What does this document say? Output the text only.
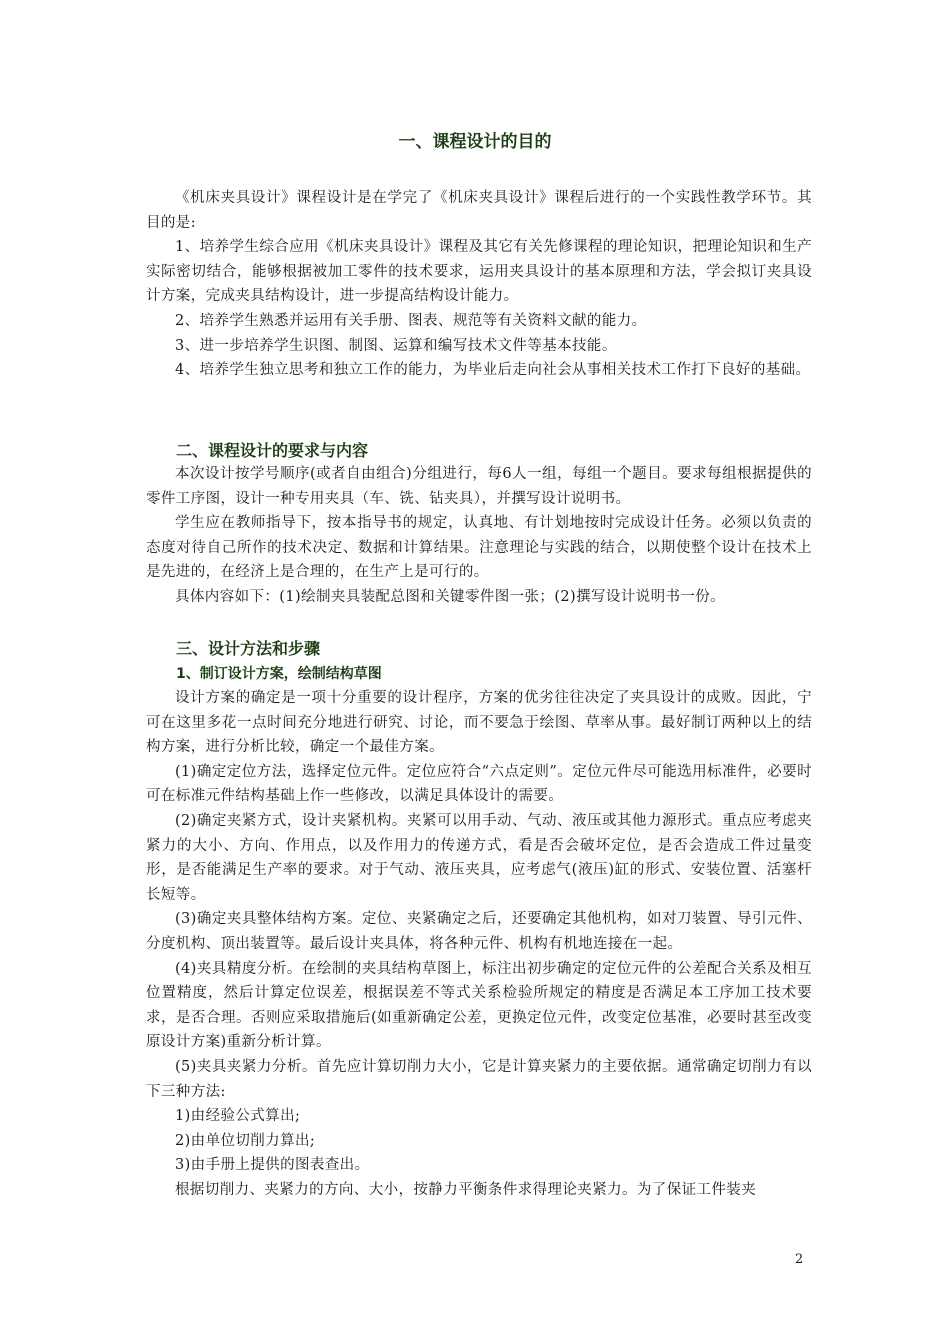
一、课程设计的目的

《机床夹具设计》课程设计是在学完了《机床夹具设计》课程后进行的一个实践性教学环节。其目的是:

1、培养学生综合应用《机床夹具设计》课程及其它有关先修课程的理论知识，把理论知识和生产实际密切结合，能够根据被加工零件的技术要求，运用夹具设计的基本原理和方法，学会拟订夹具设计方案，完成夹具结构设计，进一步提高结构设计能力。

2、培养学生熟悉并运用有关手册、图表、规范等有关资料文献的能力。

3、进一步培养学生识图、制图、运算和编写技术文件等基本技能。

4、培养学生独立思考和独立工作的能力，为毕业后走向社会从事相关技术工作打下良好的基础。

二、课程设计的要求与内容

本次设计按学号顺序(或者自由组合)分组进行，每6人一组，每组一个题目。要求每组根据提供的零件工序图，设计一种专用夹具（车、铣、钻夹具），并撰写设计说明书。

学生应在教师指导下，按本指导书的规定，认真地、有计划地按时完成设计任务。必须以负责的态度对待自己所作的技术决定、数据和计算结果。注意理论与实践的结合，以期使整个设计在技术上是先进的，在经济上是合理的，在生产上是可行的。

具体内容如下：(1)绘制夹具装配总图和关键零件图一张；(2)撰写设计说明书一份。

三、设计方法和步骤
1、制订设计方案，绘制结构草图

设计方案的确定是一项十分重要的设计程序，方案的优劣往往决定了夹具设计的成败。因此，宁可在这里多花一点时间充分地进行研究、讨论，而不要急于绘图、草率从事。最好制订两种以上的结构方案，进行分析比较，确定一个最佳方案。

(1)确定定位方法，选择定位元件。定位应符合“六点定则”。定位元件尽可能选用标准件，必要时可在标准元件结构基础上作一些修改，以满足具体设计的需要。

(2)确定夹紧方式，设计夹紧机构。夹紧可以用手动、气动、液压或其他力源形式。重点应考虑夹紧力的大小、方向、作用点，以及作用力的传递方式，看是否会破坏定位，是否会造成工件过量变形，是否能满足生产率的要求。对于气动、液压夹具，应考虑气(液压)缸的形式、安装位置、活塞杆长短等。

(3)确定夹具整体结构方案。定位、夹紧确定之后，还要确定其他机构，如对刀装置、导引元件、分度机构、顶出装置等。最后设计夹具体，将各种元件、机构有机地连接在一起。

(4)夹具精度分析。在绘制的夹具结构草图上，标注出初步确定的定位元件的公差配合关系及相互位置精度，然后计算定位误差，根据误差不等式关系检验所规定的精度是否满足本工序加工技术要求，是否合理。否则应采取措施后(如重新确定公差，更换定位元件，改变定位基准，必要时甚至改变原设计方案)重新分析计算。

(5)夹具夹紧力分析。首先应计算切削力大小，它是计算夹紧力的主要依据。通常确定切削力有以下三种方法:

1)由经验公式算出;

2)由单位切削力算出;

3)由手册上提供的图表查出。

根据切削力、夹紧力的方向、大小，按静力平衡条件求得理论夹紧力。为了保证工件装夹

2
